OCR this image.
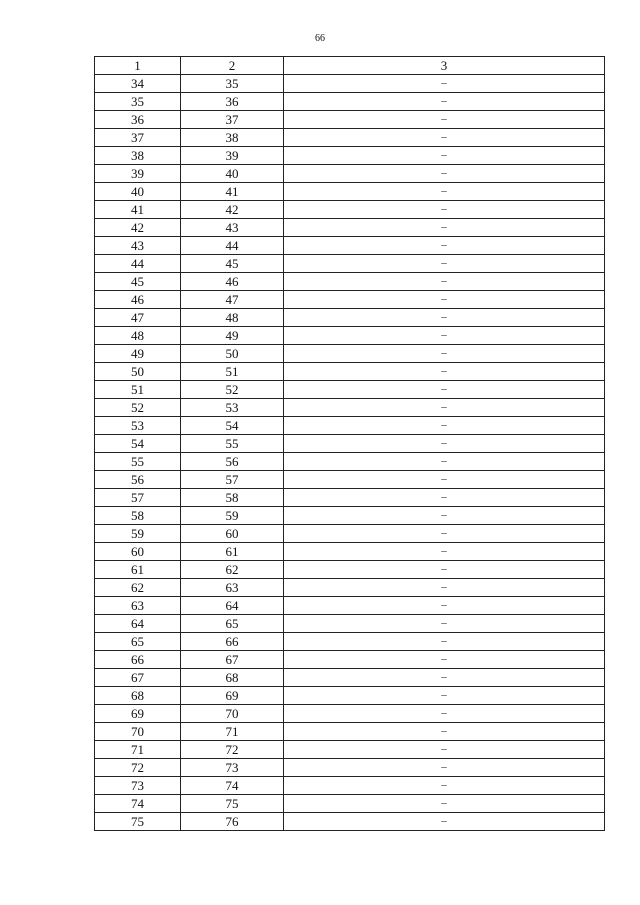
66
1	2	3
34	35	–
35	36	–
36	37	–
37	38	–
38	39	–
39	40	–
40	41	–
41	42	–
42	43	–
43	44	–
44	45	–
45	46	–
46	47	–
47	48	–
48	49	–
49	50	–
50	51	–
51	52	–
52	53	–
53	54	–
54	55	–
55	56	–
56	57	–
57	58	–
58	59	–
59	60	–
60	61	–
61	62	–
62	63	–
63	64	–
64	65	–
65	66	–
66	67	–
67	68	–
68	69	–
69	70	–
70	71	–
71	72	–
72	73	–
73	74	–
74	75	–
75	76	–
